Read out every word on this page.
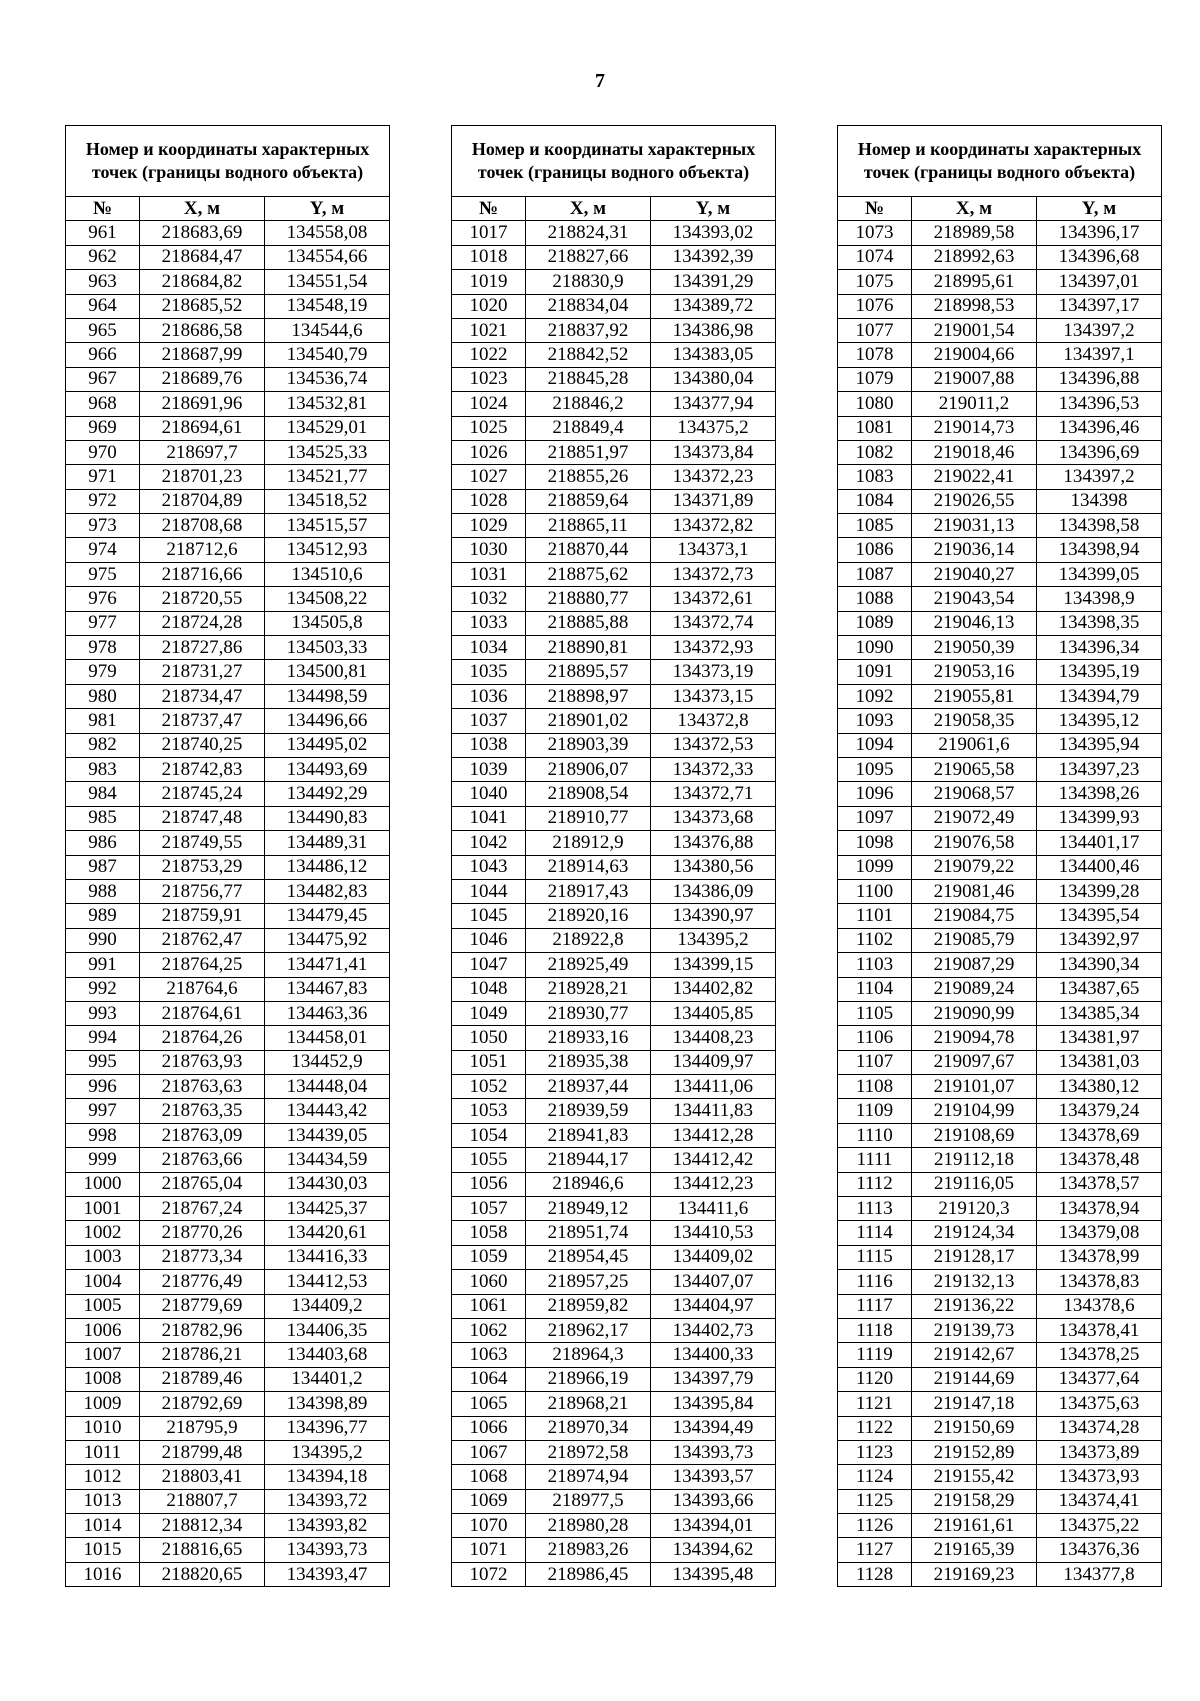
7
Номер и координаты характерных точек (границы водного объекта)		
№	X, м	Y, м
961	218683,69	134558,08
962	218684,47	134554,66
963	218684,82	134551,54
964	218685,52	134548,19
965	218686,58	134544,6
966	218687,99	134540,79
967	218689,76	134536,74
968	218691,96	134532,81
969	218694,61	134529,01
970	218697,7	134525,33
971	218701,23	134521,77
972	218704,89	134518,52
973	218708,68	134515,57
974	218712,6	134512,93
975	218716,66	134510,6
976	218720,55	134508,22
977	218724,28	134505,8
978	218727,86	134503,33
979	218731,27	134500,81
980	218734,47	134498,59
981	218737,47	134496,66
982	218740,25	134495,02
983	218742,83	134493,69
984	218745,24	134492,29
985	218747,48	134490,83
986	218749,55	134489,31
987	218753,29	134486,12
988	218756,77	134482,83
989	218759,91	134479,45
990	218762,47	134475,92
991	218764,25	134471,41
992	218764,6	134467,83
993	218764,61	134463,36
994	218764,26	134458,01
995	218763,93	134452,9
996	218763,63	134448,04
997	218763,35	134443,42
998	218763,09	134439,05
999	218763,66	134434,59
1000	218765,04	134430,03
1001	218767,24	134425,37
1002	218770,26	134420,61
1003	218773,34	134416,33
1004	218776,49	134412,53
1005	218779,69	134409,2
1006	218782,96	134406,35
1007	218786,21	134403,68
1008	218789,46	134401,2
1009	218792,69	134398,89
1010	218795,9	134396,77
1011	218799,48	134395,2
1012	218803,41	134394,18
1013	218807,7	134393,72
1014	218812,34	134393,82
1015	218816,65	134393,73
1016	218820,65	134393,47
Номер и координаты характерных точек (границы водного объекта)		
№	X, м	Y, м
1017	218824,31	134393,02
1018	218827,66	134392,39
1019	218830,9	134391,29
1020	218834,04	134389,72
1021	218837,92	134386,98
1022	218842,52	134383,05
1023	218845,28	134380,04
1024	218846,2	134377,94
1025	218849,4	134375,2
1026	218851,97	134373,84
1027	218855,26	134372,23
1028	218859,64	134371,89
1029	218865,11	134372,82
1030	218870,44	134373,1
1031	218875,62	134372,73
1032	218880,77	134372,61
1033	218885,88	134372,74
1034	218890,81	134372,93
1035	218895,57	134373,19
1036	218898,97	134373,15
1037	218901,02	134372,8
1038	218903,39	134372,53
1039	218906,07	134372,33
1040	218908,54	134372,71
1041	218910,77	134373,68
1042	218912,9	134376,88
1043	218914,63	134380,56
1044	218917,43	134386,09
1045	218920,16	134390,97
1046	218922,8	134395,2
1047	218925,49	134399,15
1048	218928,21	134402,82
1049	218930,77	134405,85
1050	218933,16	134408,23
1051	218935,38	134409,97
1052	218937,44	134411,06
1053	218939,59	134411,83
1054	218941,83	134412,28
1055	218944,17	134412,42
1056	218946,6	134412,23
1057	218949,12	134411,6
1058	218951,74	134410,53
1059	218954,45	134409,02
1060	218957,25	134407,07
1061	218959,82	134404,97
1062	218962,17	134402,73
1063	218964,3	134400,33
1064	218966,19	134397,79
1065	218968,21	134395,84
1066	218970,34	134394,49
1067	218972,58	134393,73
1068	218974,94	134393,57
1069	218977,5	134393,66
1070	218980,28	134394,01
1071	218983,26	134394,62
1072	218986,45	134395,48
Номер и координаты характерных точек (границы водного объекта)		
№	X, м	Y, м
1073	218989,58	134396,17
1074	218992,63	134396,68
1075	218995,61	134397,01
1076	218998,53	134397,17
1077	219001,54	134397,2
1078	219004,66	134397,1
1079	219007,88	134396,88
1080	219011,2	134396,53
1081	219014,73	134396,46
1082	219018,46	134396,69
1083	219022,41	134397,2
1084	219026,55	134398
1085	219031,13	134398,58
1086	219036,14	134398,94
1087	219040,27	134399,05
1088	219043,54	134398,9
1089	219046,13	134398,35
1090	219050,39	134396,34
1091	219053,16	134395,19
1092	219055,81	134394,79
1093	219058,35	134395,12
1094	219061,6	134395,94
1095	219065,58	134397,23
1096	219068,57	134398,26
1097	219072,49	134399,93
1098	219076,58	134401,17
1099	219079,22	134400,46
1100	219081,46	134399,28
1101	219084,75	134395,54
1102	219085,79	134392,97
1103	219087,29	134390,34
1104	219089,24	134387,65
1105	219090,99	134385,34
1106	219094,78	134381,97
1107	219097,67	134381,03
1108	219101,07	134380,12
1109	219104,99	134379,24
1110	219108,69	134378,69
1111	219112,18	134378,48
1112	219116,05	134378,57
1113	219120,3	134378,94
1114	219124,34	134379,08
1115	219128,17	134378,99
1116	219132,13	134378,83
1117	219136,22	134378,6
1118	219139,73	134378,41
1119	219142,67	134378,25
1120	219144,69	134377,64
1121	219147,18	134375,63
1122	219150,69	134374,28
1123	219152,89	134373,89
1124	219155,42	134373,93
1125	219158,29	134374,41
1126	219161,61	134375,22
1127	219165,39	134376,36
1128	219169,23	134377,8
